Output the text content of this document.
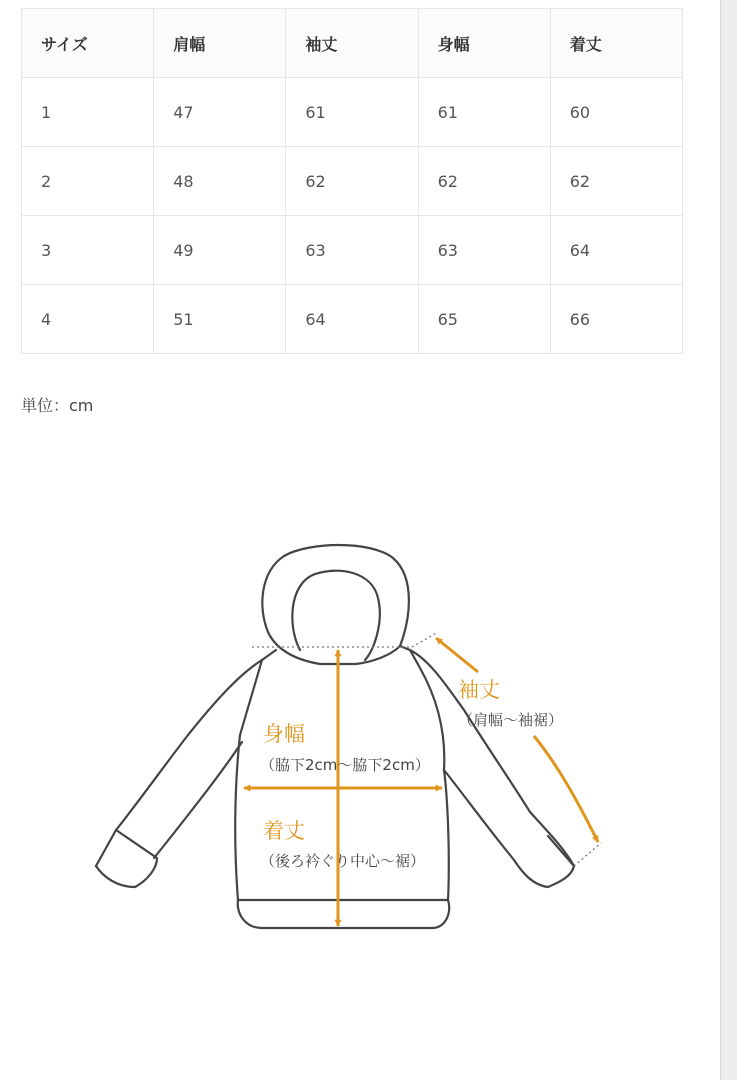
サイズ	肩幅	袖丈	身幅	着丈
1	47	61	61	60
2	48	62	62	62
3	49	63	63	64
4	51	64	65	66
単位：cm
袖丈
（肩幅～袖裾）
身幅
（脇下2cm～脇下2cm）
着丈
（後ろ衿ぐり中心～裾）
